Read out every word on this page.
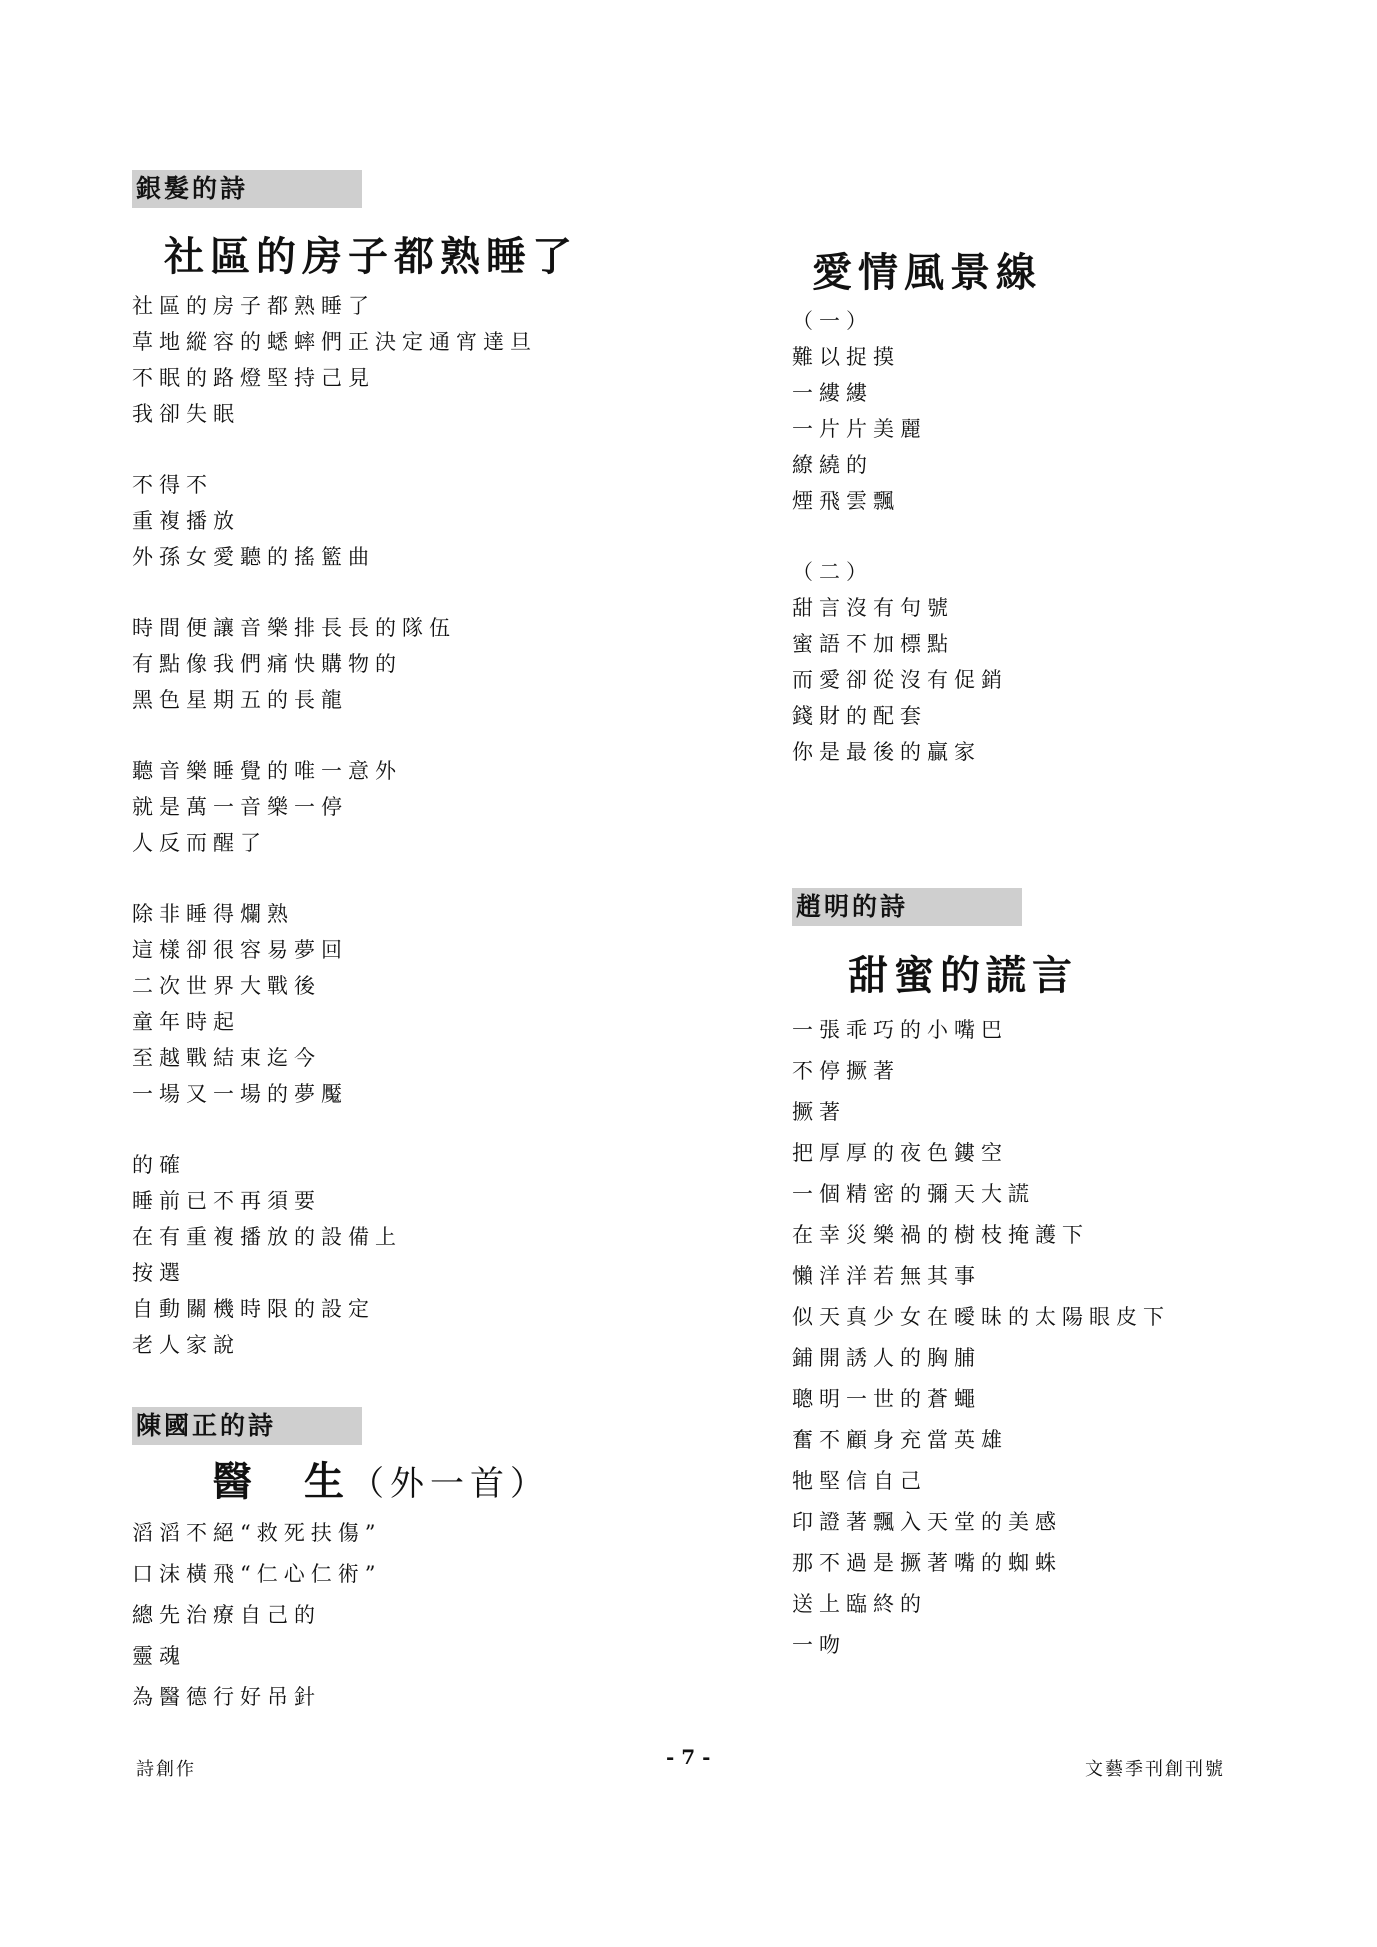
銀髮的詩
社區的房子都熟睡了
社區的房子都熟睡了
草地縱容的蟋蟀們正決定通宵達旦
不眠的路燈堅持己見
我卻失眠
不得不
重複播放
外孫女愛聽的搖籃曲
時間便讓音樂排長長的隊伍
有點像我們痛快購物的
黑色星期五的長龍
聽音樂睡覺的唯一意外
就是萬一音樂一停
人反而醒了
除非睡得爛熟
這樣卻很容易夢回
二次世界大戰後
童年時起
至越戰結束迄今
一場又一場的夢魘
的確
睡前已不再須要
在有重複播放的設備上
按選
自動關機時限的設定
老人家說
陳國正的詩
醫　生（外一首）
滔滔不絕“救死扶傷”
口沫橫飛“仁心仁術”
總先治療自己的
靈魂
為醫德行好吊針
愛情風景線
（一）
難以捉摸
一縷縷
一片片美麗
繚繞的
煙飛雲飄
（二）
甜言沒有句號
蜜語不加標點
而愛卻從沒有促銷
錢財的配套
你是最後的贏家
趙明的詩
甜蜜的謊言
一張乖巧的小嘴巴
不停撅著
撅著
把厚厚的夜色鏤空
一個精密的彌天大謊
在幸災樂禍的樹枝掩護下
懶洋洋若無其事
似天真少女在曖昧的太陽眼皮下
鋪開誘人的胸脯
聰明一世的蒼蠅
奮不顧身充當英雄
牠堅信自己
印證著飄入天堂的美感
那不過是撅著嘴的蜘蛛
送上臨終的
一吻
詩創作
- 7 -
文藝季刊創刊號
